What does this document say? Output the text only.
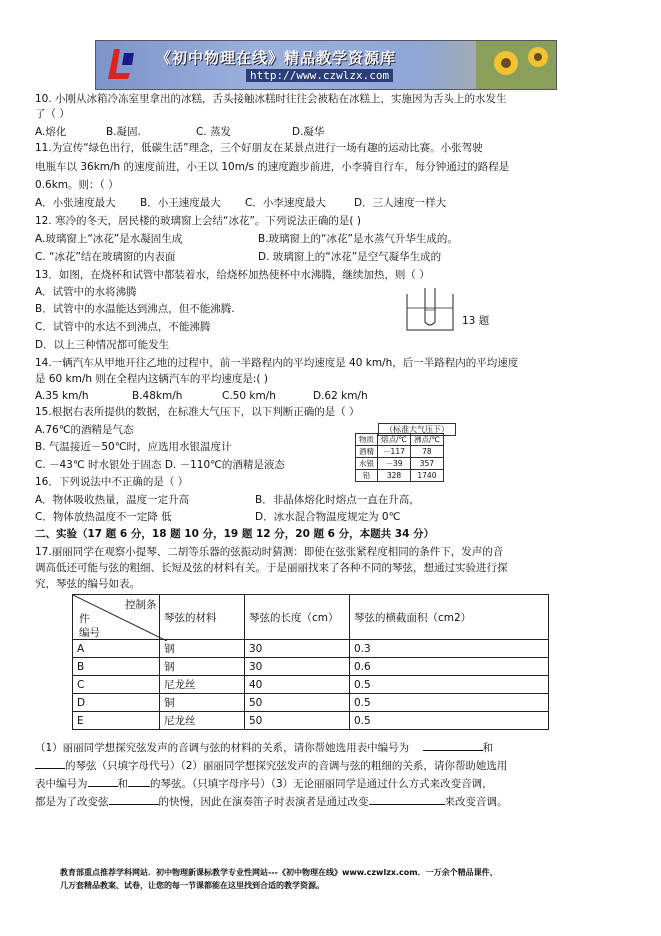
《初中物理在线》精品教学资源库
http://www.czwlzx.com
10. 小刚从冰箱冷冻室里拿出的冰糕，舌头接触冰糕时往往会被粘在冰糕上，实施因为舌头上的水发生
了（ ）
A.熔化	B.凝固.	C. 蒸发	D.凝华
11.为宣传“绿色出行，低碳生活”理念，三个好朋友在某景点进行一场有趣的运动比赛。小张驾驶
电瓶车以 36km/h 的速度前进，小王以 10m/s 的速度跑步前进，小李骑自行车，每分钟通过的路程是
0.6km。则：（ ）
A．小张速度最大 B．小王速度最大 C．小李速度最大	D．三人速度一样大
12. 寒冷的冬天，居民楼的玻璃窗上会结“冰花”。下列说法正确的是( )
A.玻璃窗上“冰花”是水凝固生成	B.玻璃窗上的“冰花”是水蒸气升华生成的。
C. “冰花”结在玻璃窗的内表面	D. 玻璃窗上的“冰花”是空气凝华生成的
13．如图，在烧杯和试管中都装着水，给烧杯加热使杯中水沸腾，继续加热，则（ ）
A．试管中的水将沸腾
B．试管中的水温能达到沸点，但不能沸腾.
C．试管中的水达不到沸点，不能沸腾
D．以上三种情况都可能发生
13 题
14.一辆汽车从甲地开往乙地的过程中，前一半路程内的平均速度是 40 km/h，后一半路程内的平均速度
是 60 km/h 则在全程内这辆汽车的平均速度是:( )
A.35 km/h	B.48km/h	C.50 km/h	D.62 km/h
15.根据右表所提供的数据，在标准大气压下，以下判断正确的是（ ）
A.76℃的酒精是气态
B. 气温接近－50℃时，应选用水银温度计
C. －43℃ 时水银处于固态 D. －110℃的酒精是液态
（标准大气压下）
物质	熔点/℃	沸点/℃
酒精	－117	78
水银	－39	357
铅	328	1740
16．下列说法中不正确的是（ ）
A．物体吸收热量，温度一定升高	B．非晶体熔化时熔点一直在升高，
C．物体放热温度不一定降 低	D．冰水混合物温度规定为 0℃
二、实验（17 题 6 分，18 题 10 分，19 题 12 分，20 题 6 分，本题共 34 分）
17.丽丽同学在观察小提琴、二胡等乐器的弦振动时猜测：即使在弦张紧程度相同的条件下，发声的音
调高低还可能与弦的粗细、长短及弦的材料有关。于是丽丽找来了各种不同的琴弦，想通过实验进行探
究，琴弦的编号如表。
控制条
件
编号	琴弦的材料	琴弦的长度（cm）	琴弦的横截面积（cm2）
A	钢	30	0.3
B	钢	30	0.6
C	尼龙丝	40	0.5
D	铜	50	0.5
E	尼龙丝	50	0.5
（1）丽丽同学想探究弦发声的音调与弦的材料的关系，请你帮她选用表中编号为	和
的琴弦（只填字母代号）（2）丽丽同学想探究弦发声的音调与弦的粗细的关系，请你帮助她选用
表中编号为	和 的琴弦。（只填字母序号）（3）无论丽丽同学是通过什么方式来改变音调，
都是为了改变弦	的快慢，因此在演奏笛子时表演者是通过改变	来改变音调。
教育部重点推荐学科网站．初中物理新课标教学专业性网站---《初中物理在线》www.czwlzx.com．一万余个精品课件、
几万套精品教案、试卷，让您的每一节课都能在这里找到合适的教学资源。
